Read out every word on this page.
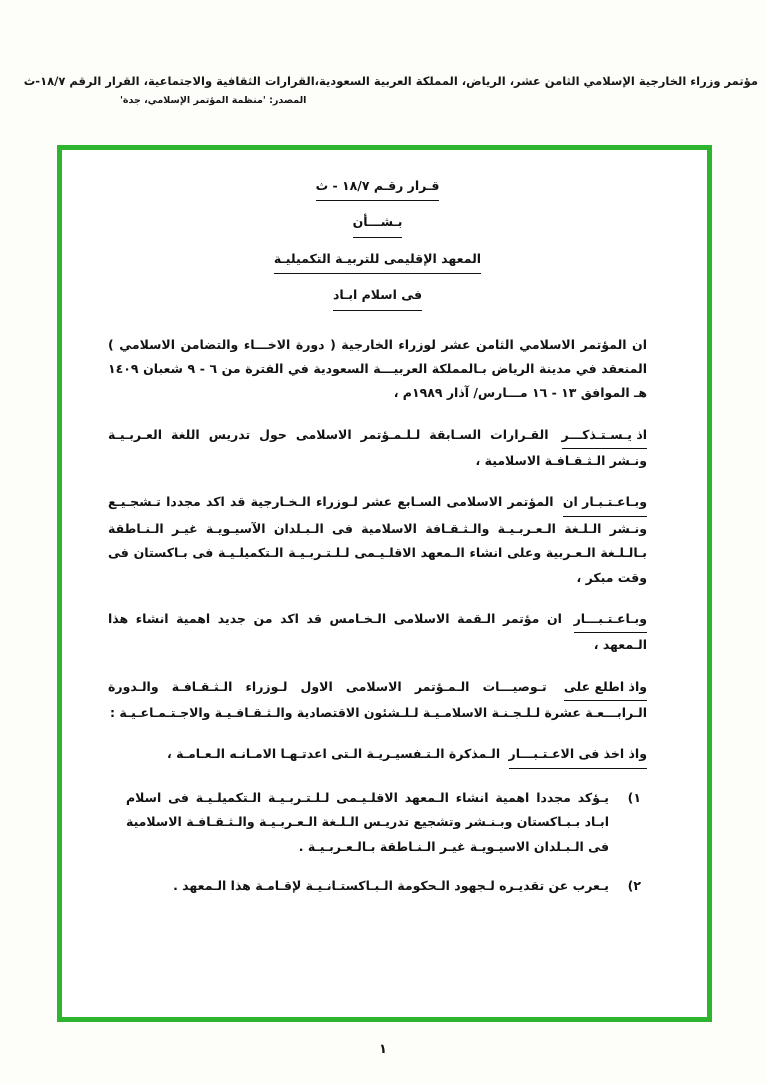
مؤتمر وزراء الخارجية الإسلامي الثامن عشر، الرياض، المملكة العربية السعودية،القرارات الثقافية والاجتماعية، القرار الرقم ١٨/٧-ث
المصدر: 'منظمة المؤتمر الإسلامي، جدة'
قـرار رقـم ١٨/٧ - ث
بـشـــأن
المعهد الإقليمى للتربيـة التكميليـة
فى اسلام ابـاد

ان المؤتمر الاسلامي الثامن عشر لوزراء الخارجية ( دورة الاخـــاء والتضامن الاسلامي ) المنعقد في مدينة الرياض بـالمملكة العربيـــة السعودية في الفترة من ٦ - ٩ شعبان ١٤٠٩ هـ الموافق ١٣ - ١٦ مـــارس/ آذار ١٩٨٩م ،

اذ يـسـتـذكـــر القـرارات السـابقة لـلـمـؤتمر الاسلامى حول تدريس اللغة العـربـيـة ونـشر الـثـقـافـة الاسلامية ،

وبـاعـتـبـار ان المؤتمر الاسلامى السـابع عشر لـوزراء الـخـارجية قد اكد مجددا تـشجـيـع ونـشر الـلـغة الـعـربـيـة والـثـقـافة الاسلامية فى الـبـلدان الآسيـويـة غيـر الـنـاطقة بـالـلـغة الـعـربية وعلى انشاء الـمعهد الاقلـيـمى لـلـتـربـيـة الـتكميلـيـة فى بـاكستان فى وقت مبكر ،

وبـاعـتـبـــار ان مؤتمر الـقمة الاسلامى الـخـامس قد اكد من جديد اهمية انشاء هذا الـمعهد ،

واذ اطلع على تـوصيـــات الـمـؤتمر الاسلامى الاول لـوزراء الـثـقـافـة والـدورة الـرابـــعـة عشرة لـلـجـنـة الاسلامـيـة لـلـشئون الاقتصادية والـثـقـافـيـة والاجـتـمـاعـيـة :

واذ اخذ فى الاعـتـبـــار الـمذكرة الـتـفسيـريـة الـتى اعدتـهـا الامـانـه الـعـامـة ،

١)
يـؤكد مجددا اهمية انشاء الـمعهد الاقلـيـمى لـلـتـربـيـة الـتكميلـيـة فى اسلام ابـاد بـبـاكستان وبـنـشر وتشجيع تدريـس الـلـغة الـعـربـيـة والـثـقـافـة الاسلامية فى الـبـلدان الاسيـويـة غيـر الـنـاطقة بـالـعـربـيـة .
٢)
يـعرب عن تقديـره لـجهود الـحكومة الـبـاكستـانـيـة لإقـامـة هذا الـمعهد .
١
